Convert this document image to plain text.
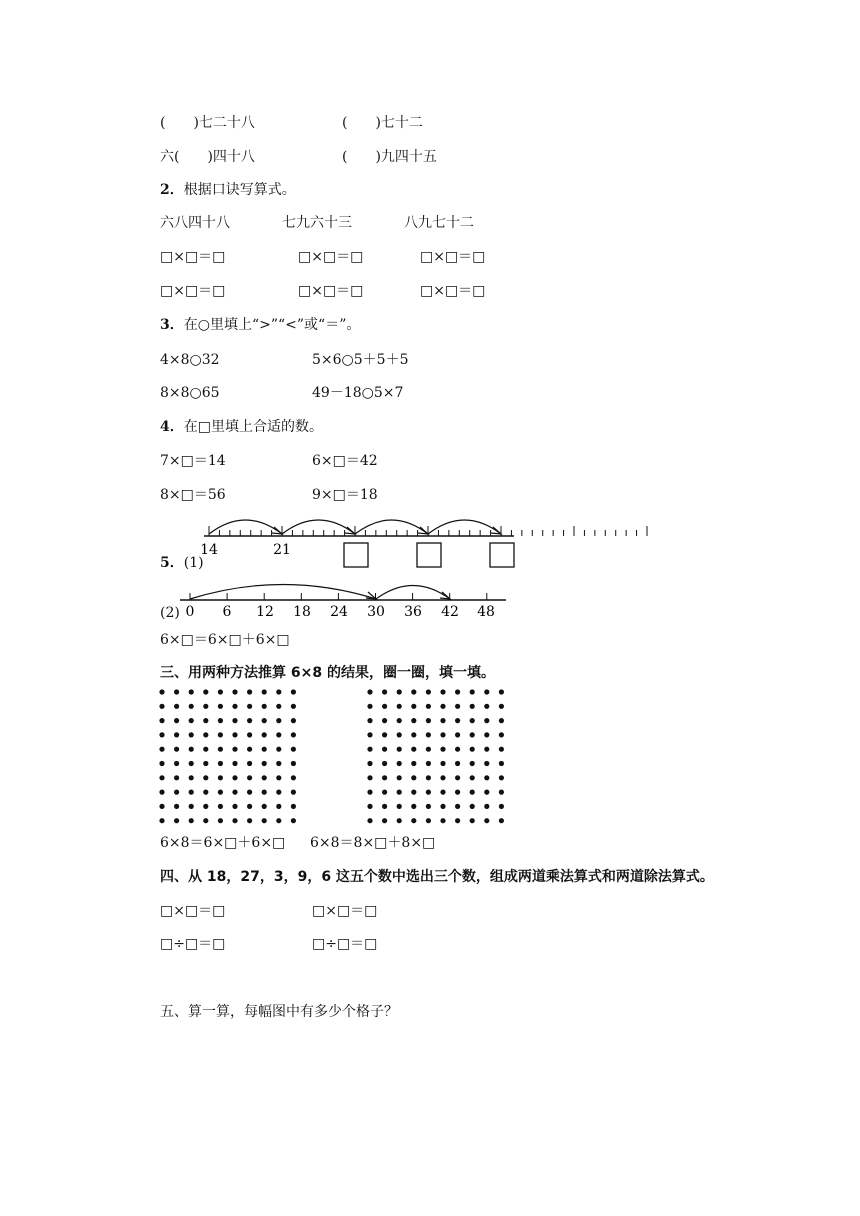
(　　)七二十八	(　　)七十二
六(　　)四十八	(　　)九四十五
2．根据口诀写算式。
六八四十八	七九六十三	八九七十二
□×□＝□	□×□＝□	□×□＝□
□×□＝□	□×□＝□	□×□＝□
3．在○里填上“>”“<”或“＝”。
4×8○32	5×6○5＋5＋5
8×8○65	49－18○5×7
4．在□里填上合适的数。
7×□＝14	6×□＝42
8×□＝56	9×□＝18
5．(1)
14	21
(2) 0 6 12 18 24 30 36 42 48
6×□＝6×□＋6×□
三、用两种方法推算 6×8 的结果，圈一圈，填一填。
6×8＝6×□＋6×□ 6×8＝8×□＋8×□
四、从 18，27，3，9，6 这五个数中选出三个数，组成两道乘法算式和两道除法算式。
□×□＝□	□×□＝□
□÷□＝□	□÷□＝□
五、算一算，每幅图中有多少个格子？
